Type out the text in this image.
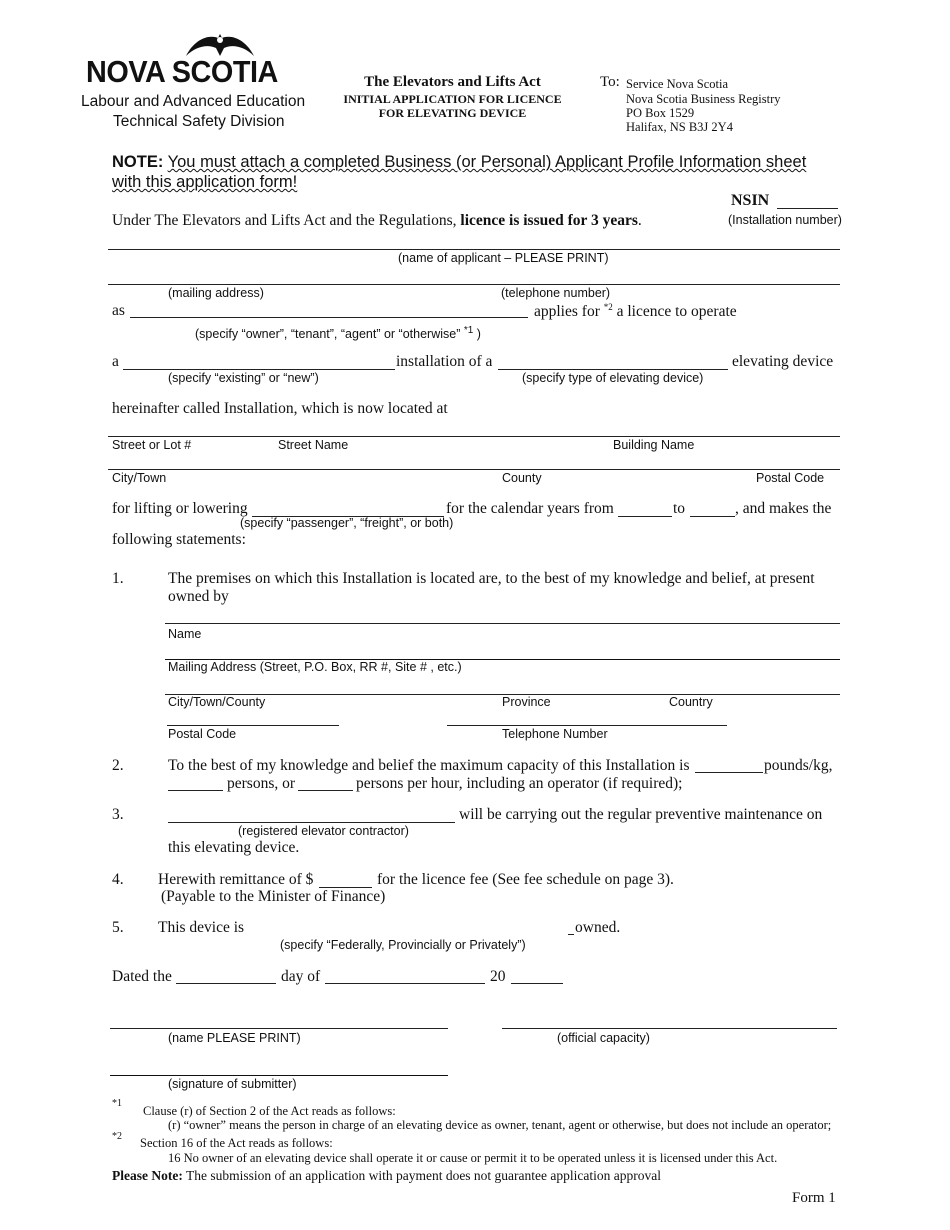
NOVA SCOTIA
Labour and Advanced Education
Technical Safety Division
The Elevators and Lifts Act
INITIAL APPLICATION FOR LICENCE
FOR ELEVATING DEVICE
To: Service Nova Scotia
Nova Scotia Business Registry
PO Box 1529
Halifax, NS B3J 2Y4
NOTE: You must attach a completed Business (or Personal) Applicant Profile Information sheet
with this application form!
NSIN
(Installation number)
Under The Elevators and Lifts Act and the Regulations, licence is issued for 3 years.
(name of applicant – PLEASE PRINT)
(mailing address)	(telephone number)
as	applies for $^{*2}$ a licence to operate
(specify “owner”, “tenant”, “agent” or “otherwise” $^{*1}$ )
a	installation of a	elevating device
(specify “existing” or “new”)	(specify type of elevating device)
hereinafter called Installation, which is now located at
Street or Lot #	Street Name	Building Name
City/Town	County	Postal Code
for lifting or lowering	for the calendar years from	to	, and makes the
(specify “passenger”, “freight”, or both)
following statements:
1.	The premises on which this Installation is located are, to the best of my knowledge and belief, at present
owned by
Name
Mailing Address (Street, P.O. Box, RR #, Site # , etc.)
City/Town/County	Province	Country
Postal Code	Telephone Number
2.	To the best of my knowledge and belief the maximum capacity of this Installation is	pounds/kg,
persons, or	persons per hour, including an operator (if required);
3.	will be carrying out the regular preventive maintenance on
(registered elevator contractor)
this elevating device.
4. Herewith remittance of $	for the licence fee (See fee schedule on page 3).
(Payable to the Minister of Finance)
5. This device is	owned.
(specify “Federally, Provincially or Privately”)
Dated the	day of	20
(name PLEASE PRINT)	(official capacity)
(signature of submitter)
*1
Clause (r) of Section 2 of the Act reads as follows:
(r) “owner” means the person in charge of an elevating device as owner, tenant, agent or otherwise, but does not include an operator;
*2 Section 16 of the Act reads as follows:
16 No owner of an elevating device shall operate it or cause or permit it to be operated unless it is licensed under this Act.
Please Note: The submission of an application with payment does not guarantee application approval
Form 1
